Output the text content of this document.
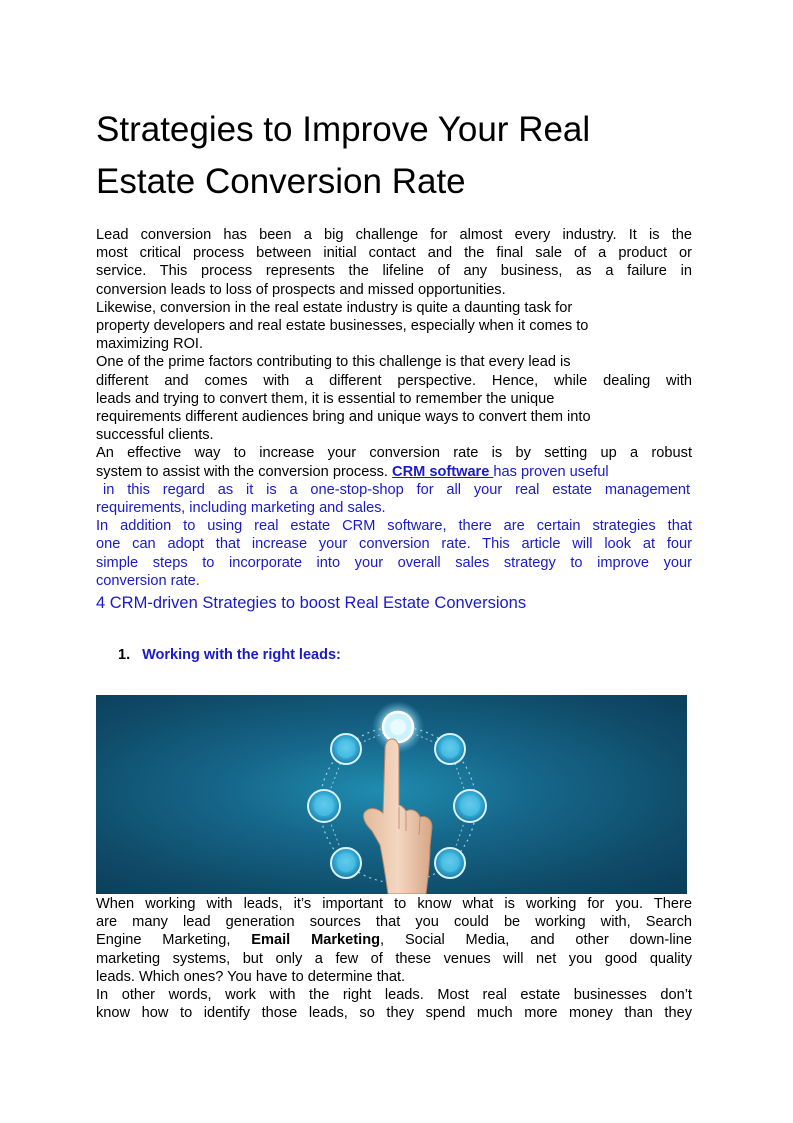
Strategies to Improve Your Real
Estate Conversion Rate
Lead conversion has been a big challenge for almost every industry. It is the
most critical process between initial contact and the final sale of a product or
service. This process represents the lifeline of any business, as a failure in
conversion leads to loss of prospects and missed opportunities.
Likewise, conversion in the real estate industry is quite a daunting task for
property developers and real estate businesses, especially when it comes to
maximizing ROI.
One of the prime factors contributing to this challenge is that every lead is
different and comes with a different perspective. Hence, while dealing with
leads and trying to convert them, it is essential to remember the unique
requirements different audiences bring and unique ways to convert them into
successful clients.
An effective way to increase your conversion rate is by setting up a robust
system to assist with the conversion process. CRM software has proven useful
in this regard as it is a one-stop-shop for all your real estate management
requirements, including marketing and sales.
In addition to using real estate CRM software, there are certain strategies that
one can adopt that increase your conversion rate. This article will look at four
simple steps to incorporate into your overall sales strategy to improve your
conversion rate.
4 CRM-driven Strategies to boost Real Estate Conversions
1. Working with the right leads:
When working with leads, it’s important to know what is working for you. There
are many lead generation sources that you could be working with, Search
Engine Marketing, Email Marketing, Social Media, and other down-line
marketing systems, but only a few of these venues will net you good quality
leads. Which ones? You have to determine that.
In other words, work with the right leads. Most real estate businesses don’t
know how to identify those leads, so they spend much more money than they
